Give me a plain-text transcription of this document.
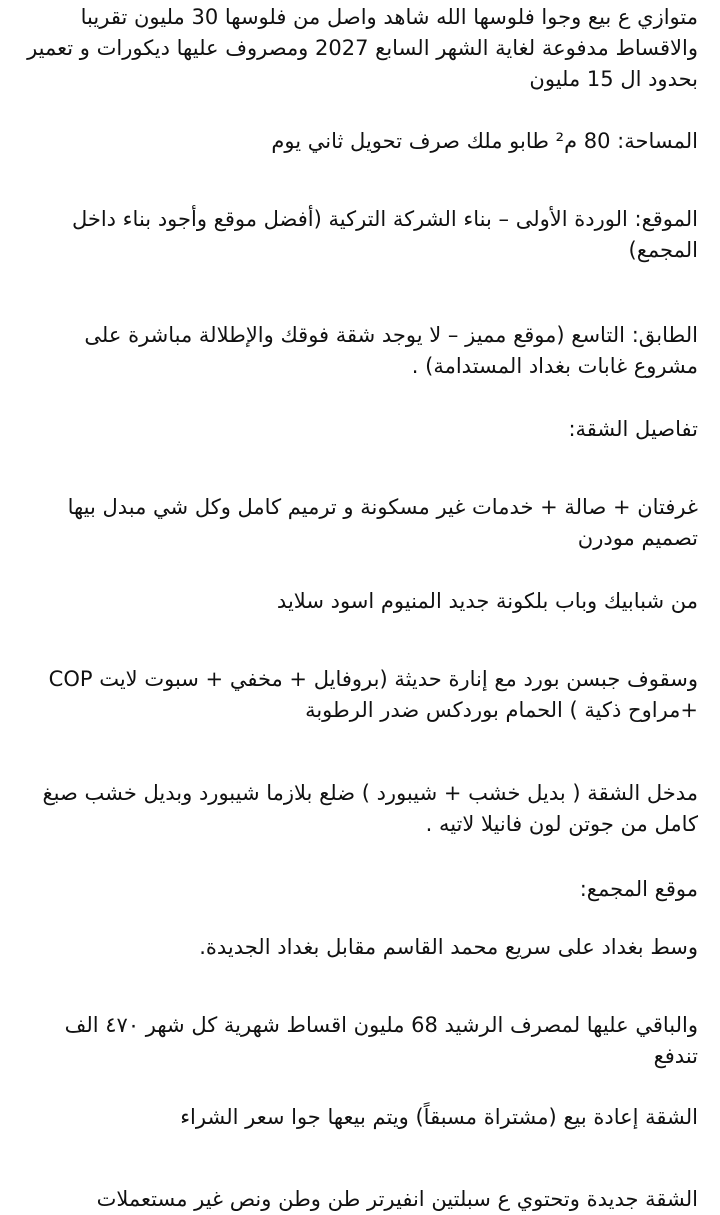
متوازي ع بيع وجوا فلوسها الله شاهد واصل من فلوسها 30 مليون تقريبا والاقساط مدفوعة لغاية الشهر السابع 2027 ومصروف عليها ديكورات و تعمير بحدود ال 15 مليون

المساحة: 80 م² طابو ملك صرف تحويل ثاني يوم

الموقع: الوردة الأولى – بناء الشركة التركية (أفضل موقع وأجود بناء داخل المجمع)

الطابق: التاسع (موقع مميز – لا يوجد شقة فوقك والإطلالة مباشرة على مشروع غابات بغداد المستدامة) .

تفاصيل الشقة:

غرفتان + صالة + خدمات غير مسكونة و ترميم كامل وكل شي مبدل بيها تصميم مودرن

من شبابيك وباب بلكونة جديد المنيوم اسود سلايد

وسقوف جبسن بورد مع إنارة حديثة (بروفايل + مخفي + سبوت لايت COP +مراوح ذكية ) الحمام بوردكس ضدر الرطوبة

مدخل الشقة ( بديل خشب + شيبورد ) ضلع بلازما شيبورد وبديل خشب صبغ كامل من جوتن لون فانيلا لاتيه .

موقع المجمع:

وسط بغداد على سريع محمد القاسم مقابل بغداد الجديدة.

والباقي عليها لمصرف الرشيد 68 مليون اقساط شهرية كل شهر ٤٧٠ الف تندفع

الشقة إعادة بيع (مشتراة مسبقاً) ويتم بيعها جوا سعر الشراء

الشقة جديدة وتحتوي ع سبلتين انفيرتر طن وطن ونص غير مستعملات
